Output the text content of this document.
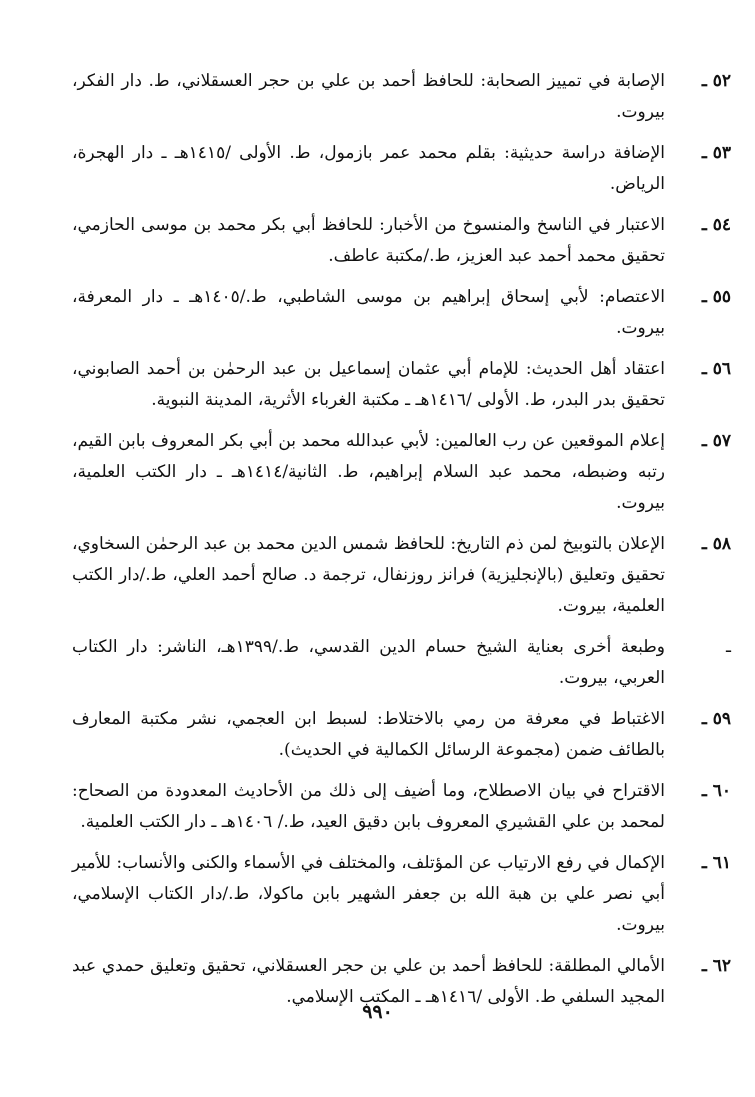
٥٢ ـ
الإصابة في تمييز الصحابة: للحافظ أحمد بن علي بن حجر العسقلاني، ط. دار الفكر، بيروت.
٥٣ ـ
الإضافة دراسة حديثية: بقلم محمد عمر بازمول، ط. الأولى /١٤١٥هـ ـ دار الهجرة، الرياض.
٥٤ ـ
الاعتبار في الناسخ والمنسوخ من الأخبار: للحافظ أبي بكر محمد بن موسى الحازمي، تحقيق محمد أحمد عبد العزيز، ط./مكتبة عاطف.
٥٥ ـ
الاعتصام: لأبي إسحاق إبراهيم بن موسى الشاطبي، ط./١٤٠٥هـ ـ دار المعرفة، بيروت.
٥٦ ـ
اعتقاد أهل الحديث: للإمام أبي عثمان إسماعيل بن عبد الرحمٰن بن أحمد الصابوني، تحقيق بدر البدر، ط. الأولى /١٤١٦هـ ـ مكتبة الغرباء الأثرية، المدينة النبوية.
٥٧ ـ
إعلام الموقعين عن رب العالمين: لأبي عبدالله محمد بن أبي بكر المعروف بابن القيم، رتبه وضبطه، محمد عبد السلام إبراهيم، ط. الثانية/١٤١٤هـ ـ دار الكتب العلمية، بيروت.
٥٨ ـ
الإعلان بالتوبيخ لمن ذم التاريخ: للحافظ شمس الدين محمد بن عبد الرحمٰن السخاوي، تحقيق وتعليق (بالإنجليزية) فرانز روزنفال، ترجمة د. صالح أحمد العلي، ط./دار الكتب العلمية، بيروت.
ـ
وطبعة أخرى بعناية الشيخ حسام الدين القدسي، ط./١٣٩٩هـ، الناشر: دار الكتاب العربي، بيروت.
٥٩ ـ
الاغتباط في معرفة من رمي بالاختلاط: لسبط ابن العجمي، نشر مكتبة المعارف بالطائف ضمن (مجموعة الرسائل الكمالية في الحديث).
٦٠ ـ
الاقتراح في بيان الاصطلاح، وما أضيف إلى ذلك من الأحاديث المعدودة من الصحاح: لمحمد بن علي القشيري المعروف بابن دقيق العيد، ط./ ١٤٠٦هـ ـ دار الكتب العلمية.
٦١ ـ
الإكمال في رفع الارتياب عن المؤتلف، والمختلف في الأسماء والكنى والأنساب: للأمير أبي نصر علي بن هبة الله بن جعفر الشهير بابن ماكولا، ط./دار الكتاب الإسلامي، بيروت.
٦٢ ـ
الأمالي المطلقة: للحافظ أحمد بن علي بن حجر العسقلاني، تحقيق وتعليق حمدي عبد المجيد السلفي ط. الأولى /١٤١٦هـ ـ المكتب الإسلامي.
٩٩٠
